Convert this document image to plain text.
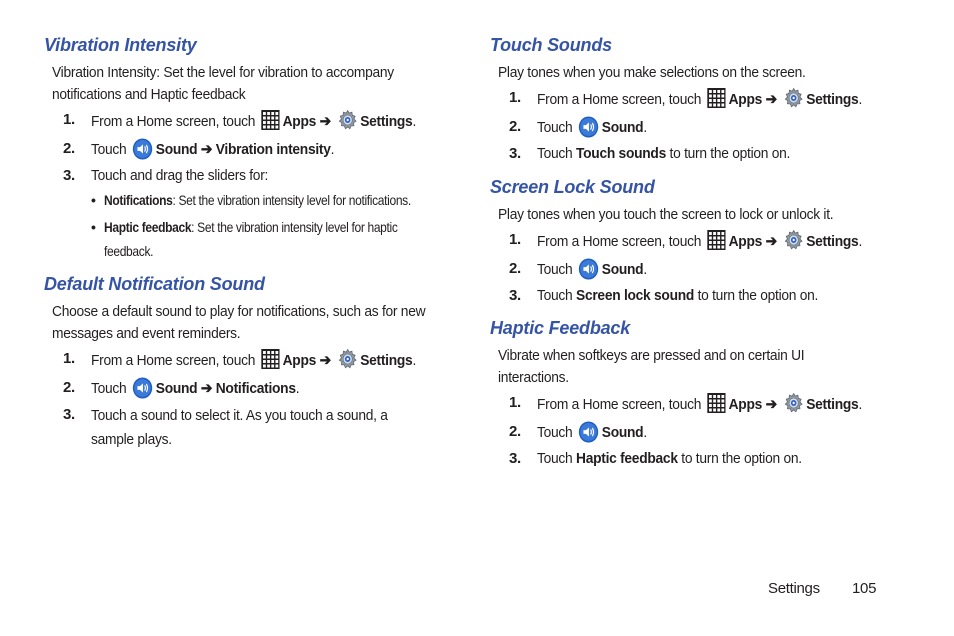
Vibration Intensity

Vibration Intensity: Set the level for vibration to accompany notifications and Haptic feedback

1. From a Home screen, touch Apps ➔ Settings.
2. Touch Sound ➔ Vibration intensity.
3. Touch and drag the sliders for:
• Notifications: Set the vibration intensity level for notifications.
• Haptic feedback: Set the vibration intensity level for haptic feedback.
Default Notification Sound

Choose a default sound to play for notifications, such as for new messages and event reminders.

1. From a Home screen, touch Apps ➔ Settings.
2. Touch Sound ➔ Notifications.
3. Touch a sound to select it. As you touch a sound, a sample plays.
Touch Sounds

Play tones when you make selections on the screen.

1. From a Home screen, touch Apps ➔ Settings.
2. Touch Sound.
3. Touch Touch sounds to turn the option on.
Screen Lock Sound

Play tones when you touch the screen to lock or unlock it.

1. From a Home screen, touch Apps ➔ Settings.
2. Touch Sound.
3. Touch Screen lock sound to turn the option on.
Haptic Feedback

Vibrate when softkeys are pressed and on certain UI interactions.

1. From a Home screen, touch Apps ➔ Settings.
2. Touch Sound.
3. Touch Haptic feedback to turn the option on.
Settings 105
